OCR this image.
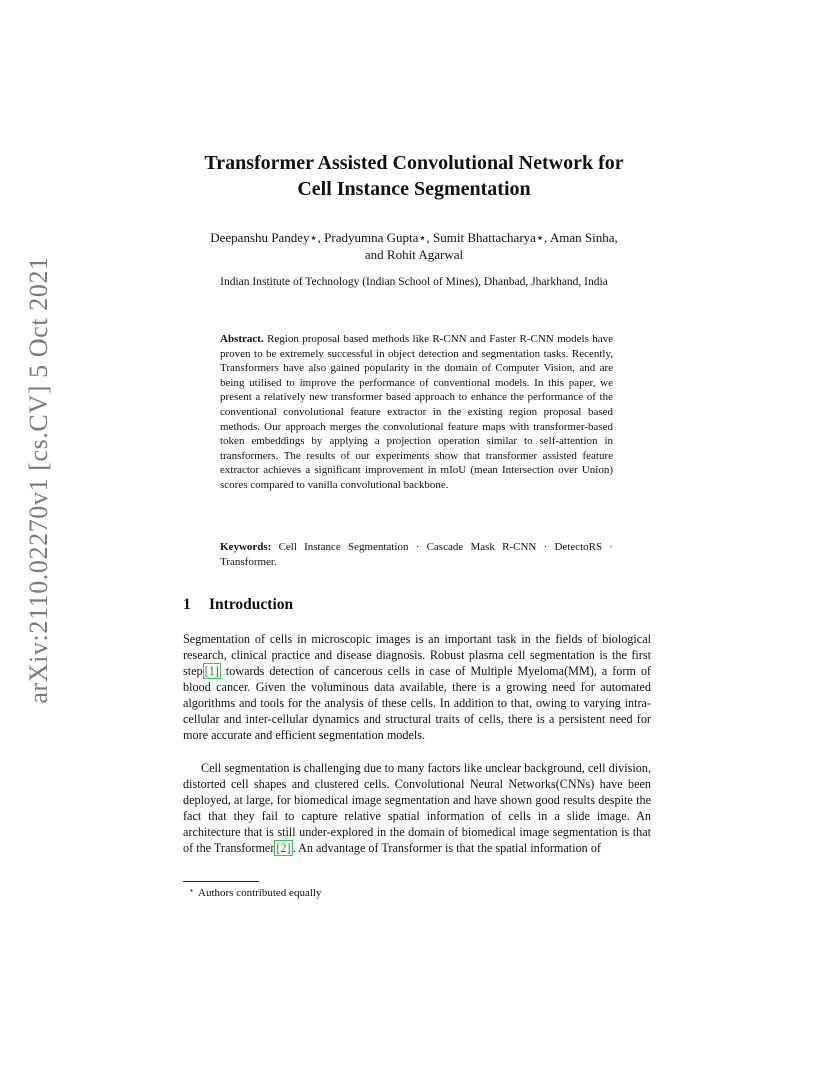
arXiv:2110.02270v1 [cs.CV] 5 Oct 2021
Transformer Assisted Convolutional Network for
Cell Instance Segmentation

Deepanshu Pandey⋆, Pradyumna Gupta⋆, Sumit Bhattacharya⋆, Aman Sinha,
and Rohit Agarwal

Indian Institute of Technology (Indian School of Mines), Dhanbad, Jharkhand, India

Abstract. Region proposal based methods like R-CNN and Faster R-CNN models have proven to be extremely successful in object detection and segmentation tasks. Recently, Transformers have also gained popularity in the domain of Computer Vision, and are being utilised to improve the performance of conventional models. In this paper, we present a relatively new transformer based approach to enhance the performance of the conventional convolutional feature extractor in the existing region proposal based methods. Our approach merges the convolutional feature maps with transformer-based token embeddings by applying a projection operation similar to self-attention in transformers. The results of our experiments show that transformer assisted feature extractor achieves a significant improvement in mIoU (mean Intersection over Union) scores compared to vanilla convolutional backbone.

Keywords: Cell Instance Segmentation · Cascade Mask R-CNN · DetectoRS · Transformer.

1 Introduction

Segmentation of cells in microscopic images is an important task in the fields of biological research, clinical practice and disease diagnosis. Robust plasma cell segmentation is the first step [1] towards detection of cancerous cells in case of Multiple Myeloma(MM), a form of blood cancer. Given the voluminous data available, there is a growing need for automated algorithms and tools for the analysis of these cells. In addition to that, owing to varying intra-cellular and inter-cellular dynamics and structural traits of cells, there is a persistent need for more accurate and efficient segmentation models.

Cell segmentation is challenging due to many factors like unclear background, cell division, distorted cell shapes and clustered cells. Convolutional Neural Networks(CNNs) have been deployed, at large, for biomedical image segmentation and have shown good results despite the fact that they fail to capture relative spatial information of cells in a slide image. An architecture that is still under-explored in the domain of biomedical image segmentation is that of the Transformer [2] . An advantage of Transformer is that the spatial information of

⋆ Authors contributed equally
